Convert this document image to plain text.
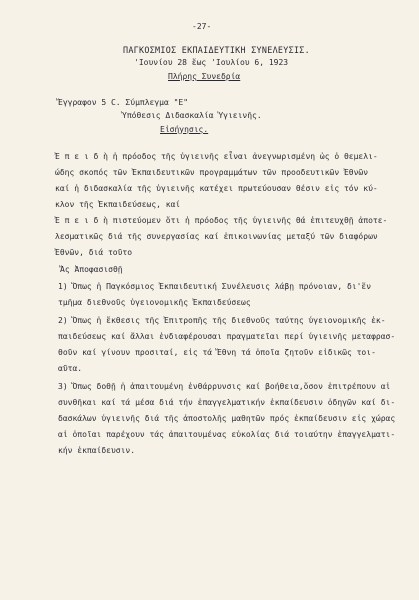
-27-
ΠΑΓΚΟΣΜΙΟΣ ΕΚΠΑΙΔΕΥΤΙΚΗ ΣΥΝΕΛΕΥΣΙΣ.
'Ιουνίου 28 ἕως 'Ιουλίου 6, 1923
Πλήρης Συνεδρία
Ἔγγραφον 5 C. Σύμπλεγμα "E"
Ὑπόθεσις Διδασκαλία Ὑγιεινῆς.
Εἰσήγησις.
Ἐ π ε ι δ ὴ ἡ πρόοδος τῆς ὑγιεινῆς εἶναι ἀνεγνωρισμένη ὡς ὁ θεμελι-
ώδης σκοπός τῶν Ἐκπαιδευτικῶν προγραμμάτων τῶν προοδευτικῶν Ἐθνῶν
καί ἡ διδασκαλία τῆς ὑγιεινῆς κατέχει πρωτεύουσαν θέσιν εἰς τόν κύ-
κλον τῆς Ἐκπαιδεύσεως, καί
Ἐ π ε ι δ ὴ πιστεύομεν ὅτι ἡ πρόοδος τῆς ὑγιεινῆς θά ἐπιτευχθῇ ἀποτε-
λεσματικῶς διά τῆς συνεργασίας καί ἐπικοινωνίας μεταξύ τῶν διαφόρων
Ἐθνῶν, διά τοῦτο
Ἄς Ἀποφασισθῇ
1) Ὅπως ἡ Παγκόσμιος Ἐκπαιδευτική Συνέλευσις λάβῃ πρόνοιαν, δι'ἕν
τμῆμα διεθνοῦς ὑγειονομικῆς Ἐκπαιδεύσεως
2) Ὅπως ἡ ἔκθεσις τῆς Ἐπιτροπῆς τῆς διεθνοῦς ταύτης ὑγειονομικῆς ἐκ-
παιδεύσεως καί ἄλλαι ἐνδιαφέρουσαι πραγματεῖαι περί ὑγιεινῆς μεταφρασ-
θοῦν καί γίνουν προσιταί, εἰς τά Ἔθνη τά ὁποῖα ζητοῦν εἰδικῶς τοι-
αῦτα.
3) Ὅπως δοθῇ ἡ ἀπαιτουμένη ἐνθάρρυνσις καί βοήθεια,ὅσον ἐπιτρέπουν αἱ
συνθῆκαι καί τά μέσα διά τήν ἐπαγγελματικήν ἐκπαίδευσιν ὁδηγῶν καί δι-
δασκάλων ὑγιεινῆς διά τῆς ἀποστολῆς μαθητῶν πρός ἐκπαίδευσιν εἰς χώρας
αἱ ὁποῖαι παρέχουν τάς ἀπαιτουμένας εὐκολίας διά τοιαύτην ἐπαγγελματι-
κήν ἐκπαίδευσιν.
